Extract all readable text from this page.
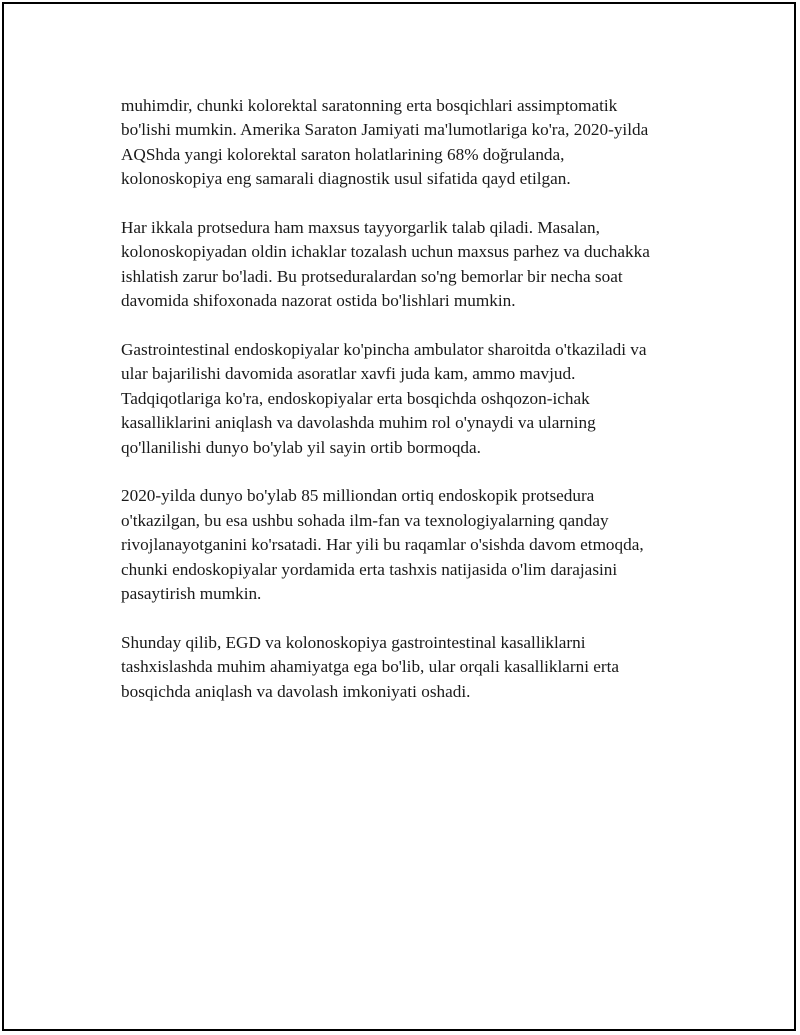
muhimdir, chunki kolorektal saratonning erta bosqichlari assimptomatik
bo'lishi mumkin. Amerika Saraton Jamiyati ma'lumotlariga ko'ra, 2020-yilda
AQShda yangi kolorektal saraton holatlarining 68% doğrulanda,
kolonoskopiya eng samarali diagnostik usul sifatida qayd etilgan.

Har ikkala protsedura ham maxsus tayyorgarlik talab qiladi. Masalan,
kolonoskopiyadan oldin ichaklar tozalash uchun maxsus parhez va duchakka
ishlatish zarur bo'ladi. Bu protseduralardan so'ng bemorlar bir necha soat
davomida shifoxonada nazorat ostida bo'lishlari mumkin.

Gastrointestinal endoskopiyalar ko'pincha ambulator sharoitda o'tkaziladi va
ular bajarilishi davomida asoratlar xavfi juda kam, ammo mavjud.
Tadqiqotlariga ko'ra, endoskopiyalar erta bosqichda oshqozon-ichak
kasalliklarini aniqlash va davolashda muhim rol o'ynaydi va ularning
qo'llanilishi dunyo bo'ylab yil sayin ortib bormoqda.

2020-yilda dunyo bo'ylab 85 milliondan ortiq endoskopik protsedura
o'tkazilgan, bu esa ushbu sohada ilm-fan va texnologiyalarning qanday
rivojlanayotganini ko'rsatadi. Har yili bu raqamlar o'sishda davom etmoqda,
chunki endoskopiyalar yordamida erta tashxis natijasida o'lim darajasini
pasaytirish mumkin.

Shunday qilib, EGD va kolonoskopiya gastrointestinal kasalliklarni
tashxislashda muhim ahamiyatga ega bo'lib, ular orqali kasalliklarni erta
bosqichda aniqlash va davolash imkoniyati oshadi.
